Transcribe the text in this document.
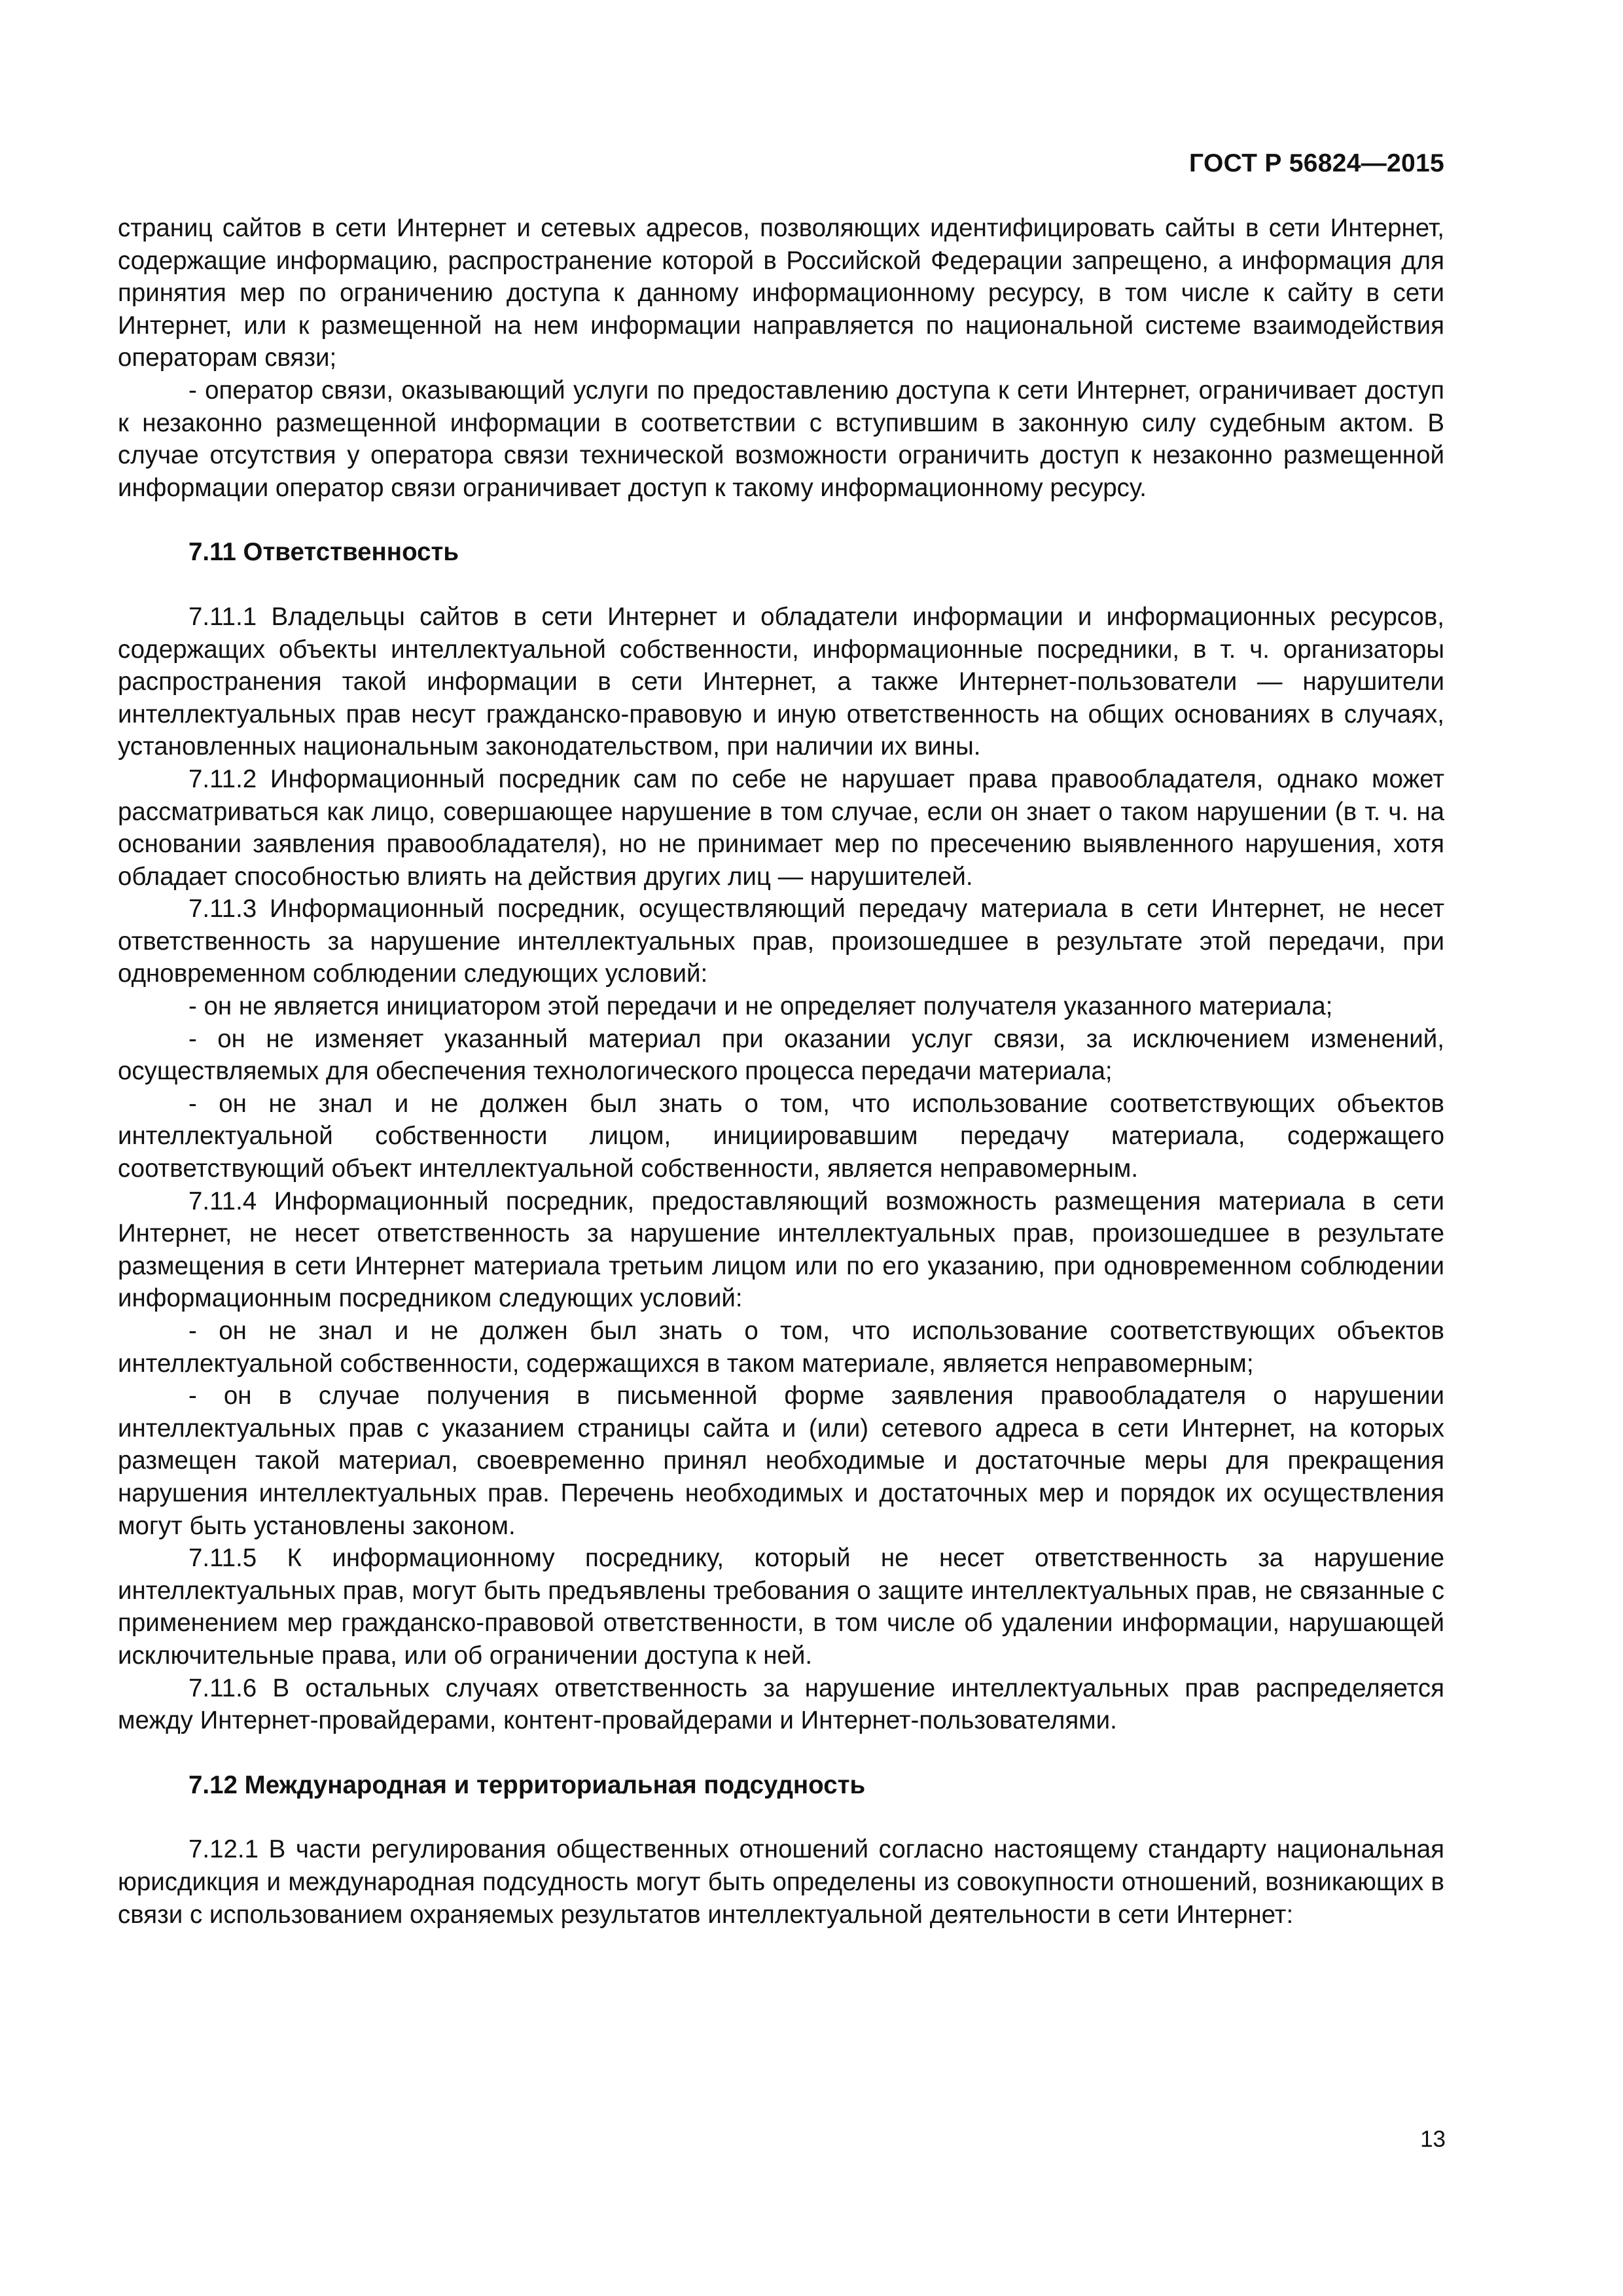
ГОСТ Р 56824—2015

страниц сайтов в сети Интернет и сетевых адресов, позволяющих идентифицировать сайты в сети Интернет, содержащие информацию, распространение которой в Российской Федерации запрещено, а информация для принятия мер по ограничению доступа к данному информационному ресурсу, в том числе к сайту в сети Интернет, или к размещенной на нем информации направляется по национальной системе взаимодействия операторам связи;

- оператор связи, оказывающий услуги по предоставлению доступа к сети Интернет, ограничивает доступ к незаконно размещенной информации в соответствии с вступившим в законную силу судебным актом. В случае отсутствия у оператора связи технической возможности ограничить доступ к незаконно размещенной информации оператор связи ограничивает доступ к такому информационному ресурсу.

7.11 Ответственность

7.11.1 Владельцы сайтов в сети Интернет и обладатели информации и информационных ресурсов, содержащих объекты интеллектуальной собственности, информационные посредники, в т. ч. организаторы распространения такой информации в сети Интернет, а также Интернет-пользователи — нарушители интеллектуальных прав несут гражданско-правовую и иную ответственность на общих основаниях в случаях, установленных национальным законодательством, при наличии их вины.

7.11.2 Информационный посредник сам по себе не нарушает права правообладателя, однако может рассматриваться как лицо, совершающее нарушение в том случае, если он знает о таком нарушении (в т. ч. на основании заявления правообладателя), но не принимает мер по пресечению выявленного нарушения, хотя обладает способностью влиять на действия других лиц — нарушителей.

7.11.3 Информационный посредник, осуществляющий передачу материала в сети Интернет, не несет ответственность за нарушение интеллектуальных прав, произошедшее в результате этой передачи, при одновременном соблюдении следующих условий:

- он не является инициатором этой передачи и не определяет получателя указанного материала;

- он не изменяет указанный материал при оказании услуг связи, за исключением изменений, осуществляемых для обеспечения технологического процесса передачи материала;

- он не знал и не должен был знать о том, что использование соответствующих объектов интеллектуальной собственности лицом, инициировавшим передачу материала, содержащего соответствующий объект интеллектуальной собственности, является неправомерным.

7.11.4 Информационный посредник, предоставляющий возможность размещения материала в сети Интернет, не несет ответственность за нарушение интеллектуальных прав, произошедшее в результате размещения в сети Интернет материала третьим лицом или по его указанию, при одновременном соблюдении информационным посредником следующих условий:

- он не знал и не должен был знать о том, что использование соответствующих объектов интеллектуальной собственности, содержащихся в таком материале, является неправомерным;

- он в случае получения в письменной форме заявления правообладателя о нарушении интеллектуальных прав с указанием страницы сайта и (или) сетевого адреса в сети Интернет, на которых размещен такой материал, своевременно принял необходимые и достаточные меры для прекращения нарушения интеллектуальных прав. Перечень необходимых и достаточных мер и порядок их осуществления могут быть установлены законом.

7.11.5 К информационному посреднику, который не несет ответственность за нарушение интеллектуальных прав, могут быть предъявлены требования о защите интеллектуальных прав, не связанные с применением мер гражданско-правовой ответственности, в том числе об удалении информации, нарушающей исключительные права, или об ограничении доступа к ней.

7.11.6 В остальных случаях ответственность за нарушение интеллектуальных прав распределяется между Интернет-провайдерами, контент-провайдерами и Интернет-пользователями.

7.12 Международная и территориальная подсудность

7.12.1 В части регулирования общественных отношений согласно настоящему стандарту национальная юрисдикция и международная подсудность могут быть определены из совокупности отношений, возникающих в связи с использованием охраняемых результатов интеллектуальной деятельности в сети Интернет:

13
